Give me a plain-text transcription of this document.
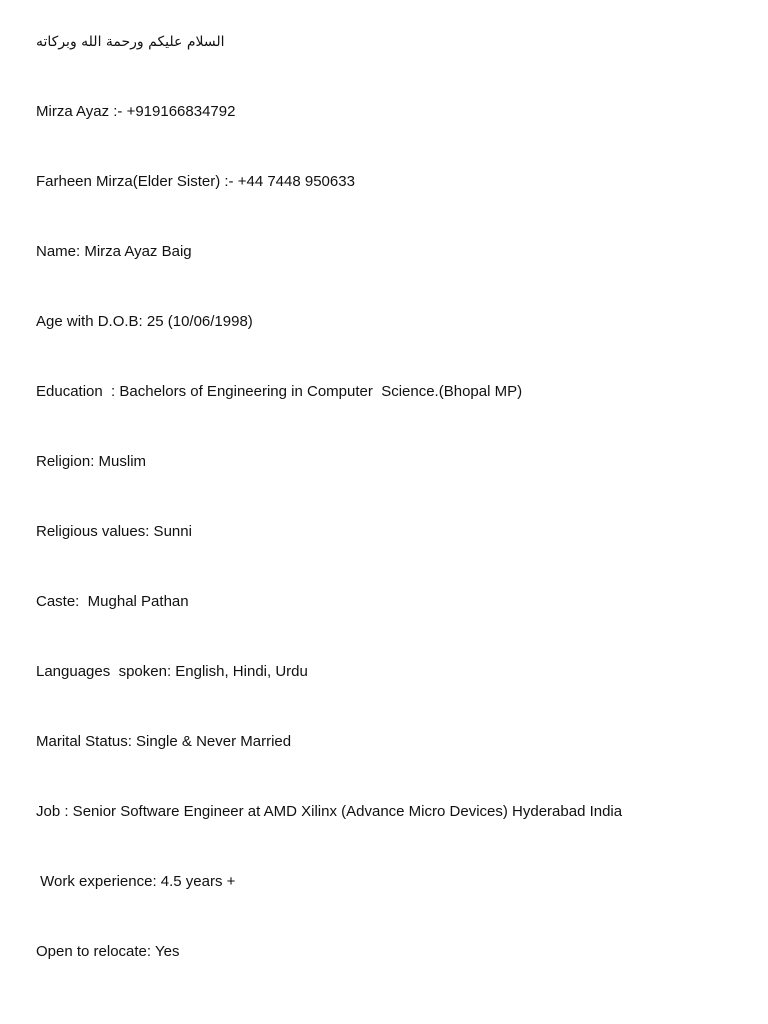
السلام عليكم ورحمة الله وبركاته
Mirza Ayaz :- +919166834792
Farheen Mirza(Elder Sister) :- +44 7448 950633
Name: Mirza Ayaz Baig
Age with D.O.B: 25 (10/06/1998)
Education  : Bachelors of Engineering in Computer  Science.(Bhopal MP)
Religion: Muslim
Religious values: Sunni
Caste:  Mughal Pathan
Languages  spoken: English, Hindi, Urdu
Marital Status: Single & Never Married
Job : Senior Software Engineer at AMD Xilinx (Advance Micro Devices) Hyderabad India
Work experience: 4.5 years +
Open to relocate: Yes
